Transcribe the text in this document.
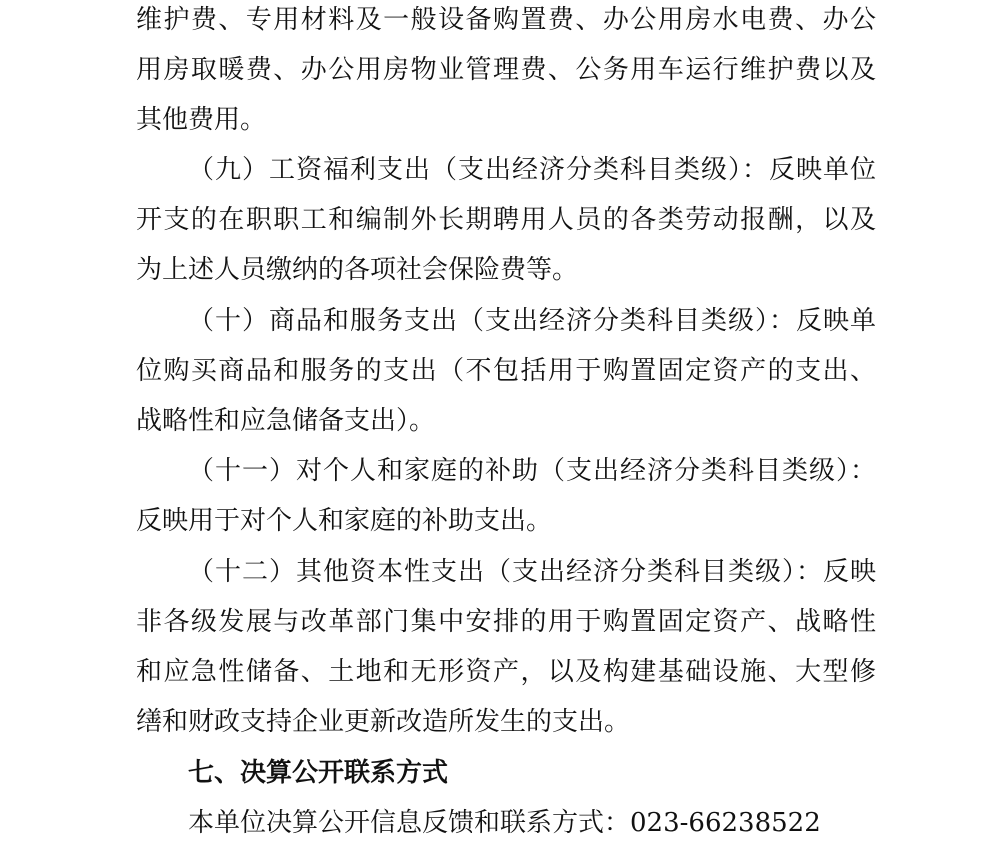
维护费、专用材料及一般设备购置费、办公用房水电费、办公
用房取暖费、办公用房物业管理费、公务用车运行维护费以及
其他费用。
（九）工资福利支出（支出经济分类科目类级）：反映单位
开支的在职职工和编制外长期聘用人员的各类劳动报酬，以及
为上述人员缴纳的各项社会保险费等。
（十）商品和服务支出（支出经济分类科目类级）：反映单
位购买商品和服务的支出（不包括用于购置固定资产的支出、
战略性和应急储备支出）。
（十一）对个人和家庭的补助（支出经济分类科目类级）：
反映用于对个人和家庭的补助支出。
（十二）其他资本性支出（支出经济分类科目类级）：反映
非各级发展与改革部门集中安排的用于购置固定资产、战略性
和应急性储备、土地和无形资产，以及构建基础设施、大型修
缮和财政支持企业更新改造所发生的支出。
七、决算公开联系方式
本单位决算公开信息反馈和联系方式：023-66238522
